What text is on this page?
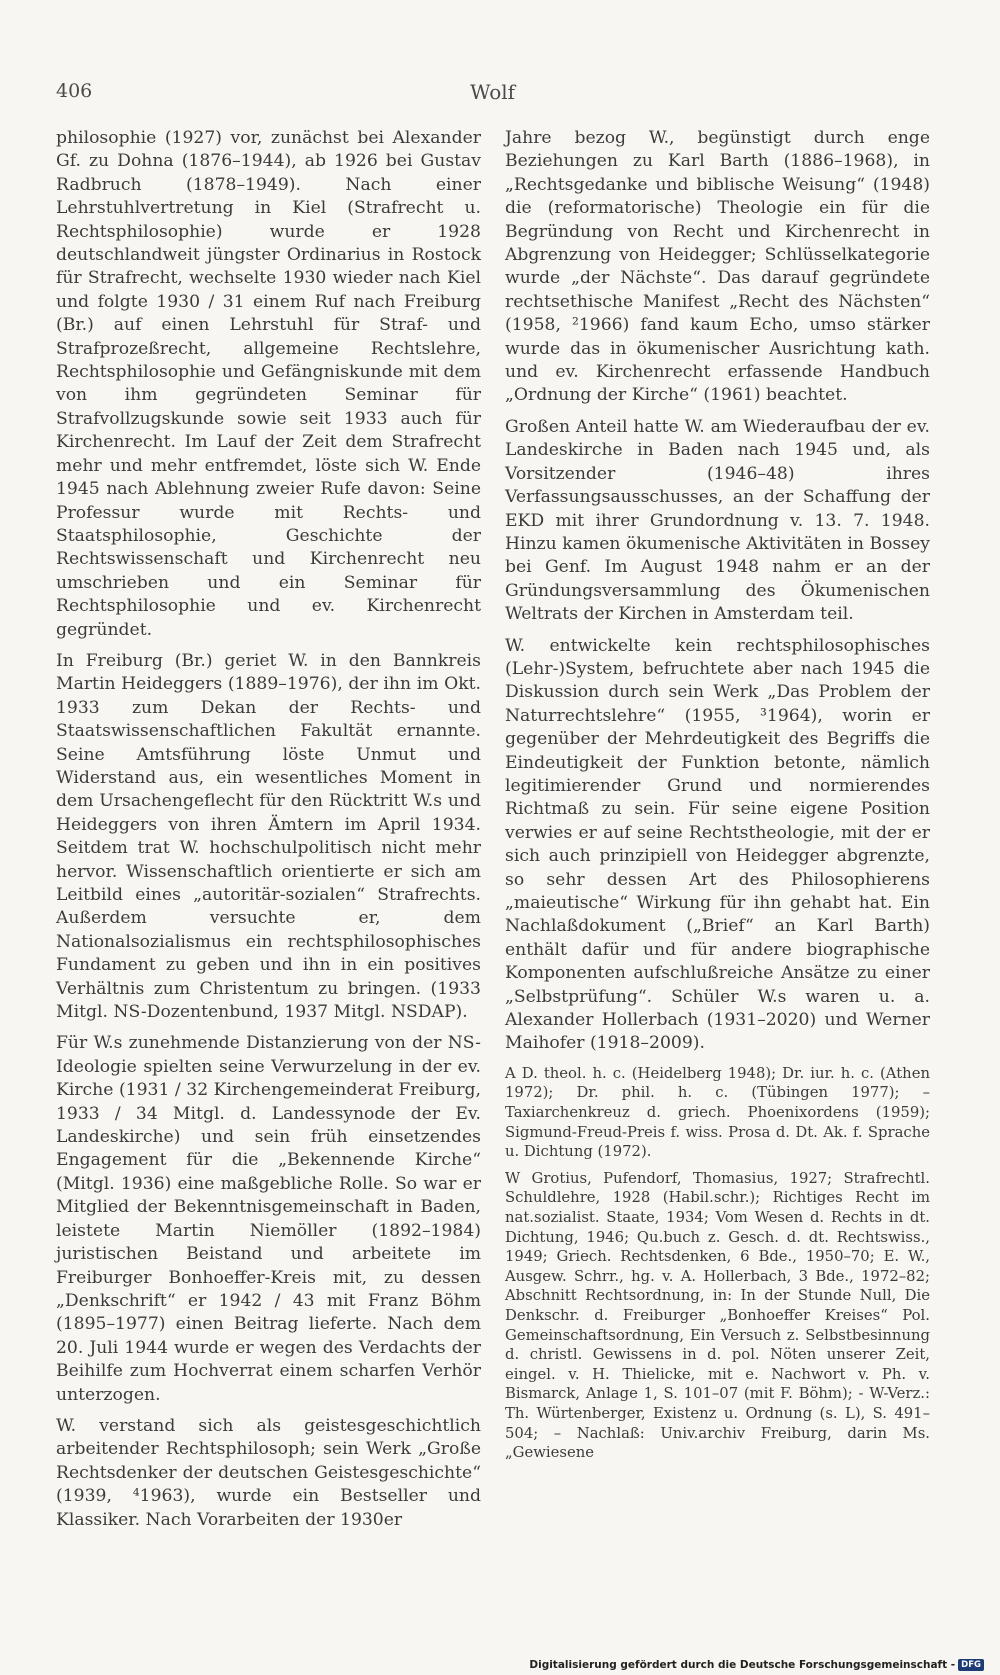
406	Wolf

philosophie (1927) vor, zunächst bei Alexander Gf. zu Dohna (1876–1944), ab 1926 bei Gustav Radbruch (1878–1949). Nach einer Lehrstuhlvertretung in Kiel (Strafrecht u. Rechtsphilosophie) wurde er 1928 deutschlandweit jüngster Ordinarius in Rostock für Strafrecht, wechselte 1930 wieder nach Kiel und folgte 1930 / 31 einem Ruf nach Freiburg (Br.) auf einen Lehrstuhl für Straf- und Strafprozeßrecht, allgemeine Rechtslehre, Rechtsphilosophie und Gefängniskunde mit dem von ihm gegründeten Seminar für Strafvollzugskunde sowie seit 1933 auch für Kirchenrecht. Im Lauf der Zeit dem Strafrecht mehr und mehr entfremdet, löste sich W. Ende 1945 nach Ablehnung zweier Rufe davon: Seine Professur wurde mit Rechts- und Staatsphilosophie, Geschichte der Rechtswissenschaft und Kirchenrecht neu umschrieben und ein Seminar für Rechtsphilosophie und ev. Kirchenrecht gegründet.

In Freiburg (Br.) geriet W. in den Bannkreis Martin Heideggers (1889–1976), der ihn im Okt. 1933 zum Dekan der Rechts- und Staatswissenschaftlichen Fakultät ernannte. Seine Amtsführung löste Unmut und Widerstand aus, ein wesentliches Moment in dem Ursachengeflecht für den Rücktritt W.s und Heideggers von ihren Ämtern im April 1934. Seitdem trat W. hochschulpolitisch nicht mehr hervor. Wissenschaftlich orientierte er sich am Leitbild eines „autoritär-sozialen“ Strafrechts. Außerdem versuchte er, dem Nationalsozialismus ein rechtsphilosophisches Fundament zu geben und ihn in ein positives Verhältnis zum Christentum zu bringen. (1933 Mitgl. NS-Dozentenbund, 1937 Mitgl. NSDAP).

Für W.s zunehmende Distanzierung von der NS-Ideologie spielten seine Verwurzelung in der ev. Kirche (1931 / 32 Kirchengemeinderat Freiburg, 1933 / 34 Mitgl. d. Landessynode der Ev. Landeskirche) und sein früh einsetzendes Engagement für die „Bekennende Kirche“ (Mitgl. 1936) eine maßgebliche Rolle. So war er Mitglied der Bekenntnisgemeinschaft in Baden, leistete Martin Niemöller (1892–1984) juristischen Beistand und arbeitete im Freiburger Bonhoeffer-Kreis mit, zu dessen „Denkschrift“ er 1942 / 43 mit Franz Böhm (1895–1977) einen Beitrag lieferte. Nach dem 20. Juli 1944 wurde er wegen des Verdachts der Beihilfe zum Hochverrat einem scharfen Verhör unterzogen.

W. verstand sich als geistesgeschichtlich arbeitender Rechtsphilosoph; sein Werk „Große Rechtsdenker der deutschen Geistesgeschichte“ (1939, ⁴1963), wurde ein Bestseller und Klassiker. Nach Vorarbeiten der 1930er

Jahre bezog W., begünstigt durch enge Beziehungen zu Karl Barth (1886–1968), in „Rechtsgedanke und biblische Weisung“ (1948) die (reformatorische) Theologie ein für die Begründung von Recht und Kirchenrecht in Abgrenzung von Heidegger; Schlüsselkategorie wurde „der Nächste“. Das darauf gegründete rechtsethische Manifest „Recht des Nächsten“ (1958, ²1966) fand kaum Echo, umso stärker wurde das in ökumenischer Ausrichtung kath. und ev. Kirchenrecht erfassende Handbuch „Ordnung der Kirche“ (1961) beachtet.

Großen Anteil hatte W. am Wiederaufbau der ev. Landeskirche in Baden nach 1945 und, als Vorsitzender (1946–48) ihres Verfassungsausschusses, an der Schaffung der EKD mit ihrer Grundordnung v. 13. 7. 1948. Hinzu kamen ökumenische Aktivitäten in Bossey bei Genf. Im August 1948 nahm er an der Gründungsversammlung des Ökumenischen Weltrats der Kirchen in Amsterdam teil.

W. entwickelte kein rechtsphilosophisches (Lehr-)System, befruchtete aber nach 1945 die Diskussion durch sein Werk „Das Problem der Naturrechtslehre“ (1955, ³1964), worin er gegenüber der Mehrdeutigkeit des Begriffs die Eindeutigkeit der Funktion betonte, nämlich legitimierender Grund und normierendes Richtmaß zu sein. Für seine eigene Position verwies er auf seine Rechtstheologie, mit der er sich auch prinzipiell von Heidegger abgrenzte, so sehr dessen Art des Philosophierens „maieutische“ Wirkung für ihn gehabt hat. Ein Nachlaßdokument („Brief“ an Karl Barth) enthält dafür und für andere biographische Komponenten aufschlußreiche Ansätze zu einer „Selbstprüfung“. Schüler W.s waren u. a. Alexander Hollerbach (1931–2020) und Werner Maihofer (1918–2009).

A D. theol. h. c. (Heidelberg 1948); Dr. iur. h. c. (Athen 1972); Dr. phil. h. c. (Tübingen 1977); – Taxiarchenkreuz d. griech. Phoenixordens (1959); Sigmund-Freud-Preis f. wiss. Prosa d. Dt. Ak. f. Sprache u. Dichtung (1972).

W Grotius, Pufendorf, Thomasius, 1927; Strafrechtl. Schuldlehre, 1928 (Habil.schr.); Richtiges Recht im nat.sozialist. Staate, 1934; Vom Wesen d. Rechts in dt. Dichtung, 1946; Qu.buch z. Gesch. d. dt. Rechtswiss., 1949; Griech. Rechtsdenken, 6 Bde., 1950–70; E. W., Ausgew. Schrr., hg. v. A. Hollerbach, 3 Bde., 1972–82; Abschnitt Rechtsordnung, in: In der Stunde Null, Die Denkschr. d. Freiburger „Bonhoeffer Kreises“ Pol. Gemeinschaftsordnung, Ein Versuch z. Selbstbesinnung d. christl. Gewissens in d. pol. Nöten unserer Zeit, eingel. v. H. Thielicke, mit e. Nachwort v. Ph. v. Bismarck, Anlage 1, S. 101–07 (mit F. Böhm); - W-Verz.: Th. Würtenberger, Existenz u. Ordnung (s. L), S. 491–504; – Nachlaß: Univ.archiv Freiburg, darin Ms. „Gewiesene

Digitalisierung gefördert durch die Deutsche Forschungsgemeinschaft - DFG
